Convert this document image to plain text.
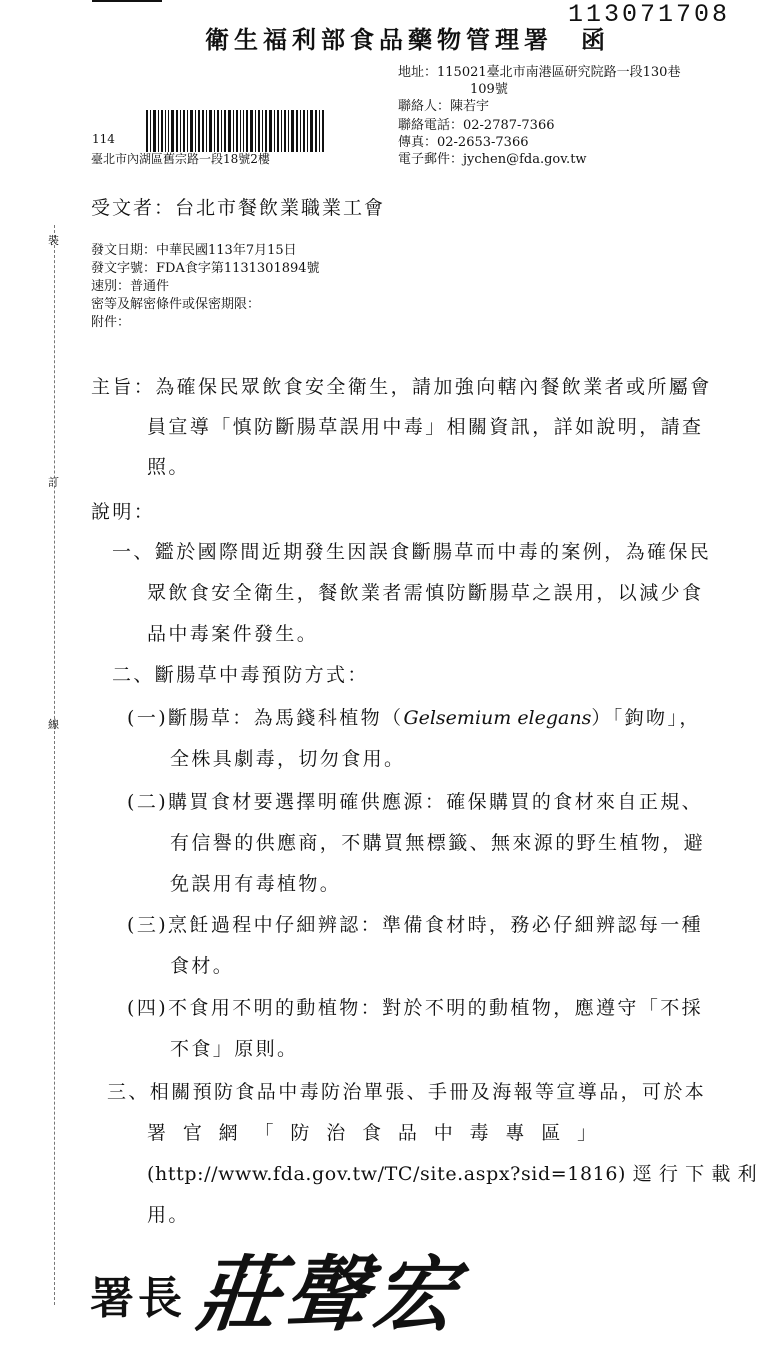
113071708
衛生福利部食品藥物管理署 函
地址：115021臺北市南港區研究院路一段130巷
109號
聯絡人：陳若宇
聯絡電話：02-2787-7366
傳真：02-2653-7366
電子郵件：jychen@fda.gov.tw
114
臺北市內湖區舊宗路一段18號2樓
受文者：台北市餐飲業職業工會
發文日期：中華民國113年7月15日
發文字號：FDA食字第1131301894號
速別：普通件
密等及解密條件或保密期限：
附件：
主旨：為確保民眾飲食安全衛生，請加強向轄內餐飲業者或所屬會
員宣導「慎防斷腸草誤用中毒」相關資訊，詳如說明，請查
照。
說明：
一、鑑於國際間近期發生因誤食斷腸草而中毒的案例，為確保民
眾飲食安全衛生，餐飲業者需慎防斷腸草之誤用，以減少食
品中毒案件發生。
二、斷腸草中毒預防方式：
(一)斷腸草：為馬錢科植物（Gelsemium elegans）「鉤吻」，
全株具劇毒，切勿食用。
(二)購買食材要選擇明確供應源：確保購買的食材來自正規、
有信譽的供應商，不購買無標籤、無來源的野生植物，避
免誤用有毒植物。
(三)烹飪過程中仔細辨認：準備食材時，務必仔細辨認每一種
食材。
(四)不食用不明的動植物：對於不明的動植物，應遵守「不採
不食」原則。
三、相關預防食品中毒防治單張、手冊及海報等宣導品，可於本
署 官 網 「 防 治 食 品 中 毒 專 區 」
(http://www.fda.gov.tw/TC/site.aspx?sid=1816) 逕 行 下 載 利
用。
裝
訂
線
署長 莊聲宏
